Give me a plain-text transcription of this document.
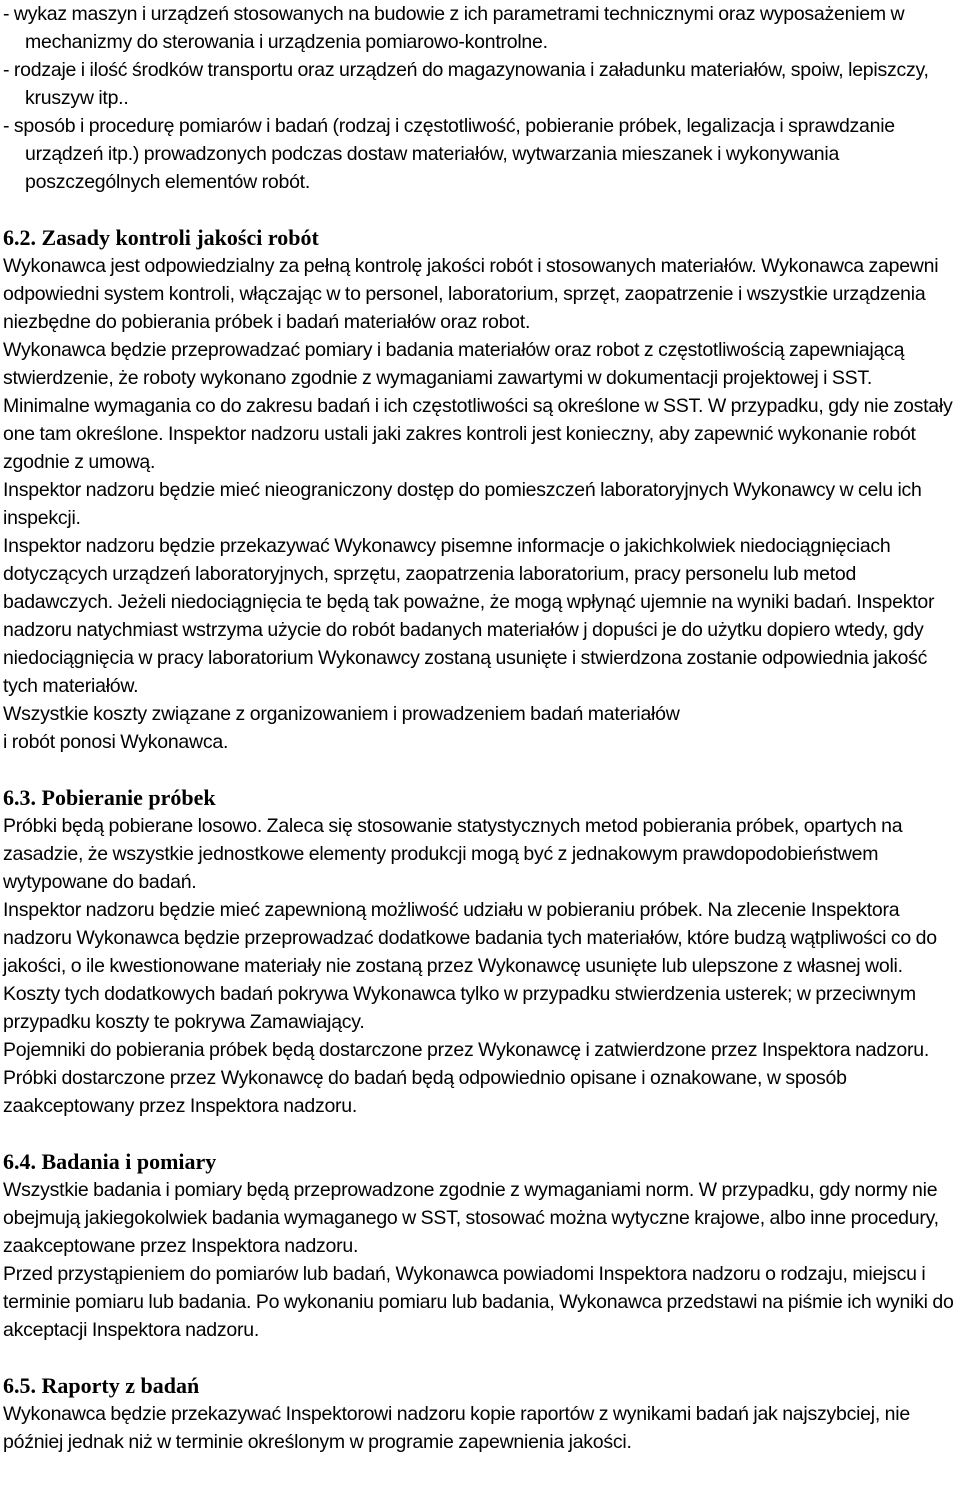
- wykaz maszyn i urządzeń stosowanych na budowie z ich parametrami technicznymi oraz wyposażeniem w mechanizmy do sterowania i urządzenia pomiarowo-kontrolne.

- rodzaje i ilość środków transportu oraz urządzeń do magazynowania i załadunku materiałów, spoiw, lepiszczy, kruszyw itp..

- sposób i procedurę pomiarów i badań (rodzaj i częstotliwość, pobieranie próbek, legalizacja i sprawdzanie urządzeń itp.) prowadzonych podczas dostaw materiałów, wytwarzania mieszanek i wykonywania poszczególnych elementów robót.

6.2. Zasady kontroli jakości robót

Wykonawca jest odpowiedzialny za pełną kontrolę jakości robót i stosowanych materiałów. Wykonawca zapewni odpowiedni system kontroli, włączając w to personel, laboratorium, sprzęt, zaopatrzenie i wszystkie urządzenia niezbędne do pobierania próbek i badań materiałów oraz robot.

Wykonawca będzie przeprowadzać pomiary i badania materiałów oraz robot z częstotliwością zapewniającą stwierdzenie, że roboty wykonano zgodnie z wymaganiami zawartymi w dokumentacji projektowej i SST.

Minimalne wymagania co do zakresu badań i ich częstotliwości są określone w SST. W przypadku, gdy nie zostały one tam określone. Inspektor nadzoru ustali jaki zakres kontroli jest konieczny, aby zapewnić wykonanie robót zgodnie z umową.

Inspektor nadzoru będzie mieć nieograniczony dostęp do pomieszczeń laboratoryjnych Wykonawcy w celu ich inspekcji.

Inspektor nadzoru będzie przekazywać Wykonawcy pisemne informacje o jakichkolwiek niedociągnięciach dotyczących urządzeń laboratoryjnych, sprzętu, zaopatrzenia laboratorium, pracy personelu lub metod badawczych. Jeżeli niedociągnięcia te będą tak poważne, że mogą wpłynąć ujemnie na wyniki badań. Inspektor nadzoru natychmiast wstrzyma użycie do robót badanych materiałów j dopuści je do użytku dopiero wtedy, gdy niedociągnięcia w pracy laboratorium Wykonawcy zostaną usunięte i stwierdzona zostanie odpowiednia jakość tych materiałów.

Wszystkie koszty związane z organizowaniem i prowadzeniem badań materiałów

i robót ponosi Wykonawca.

6.3. Pobieranie próbek

Próbki będą pobierane losowo. Zaleca się stosowanie statystycznych metod pobierania próbek, opartych na zasadzie, że wszystkie jednostkowe elementy produkcji mogą być z jednakowym prawdopodobieństwem wytypowane do badań.

Inspektor nadzoru będzie mieć zapewnioną możliwość udziału w pobieraniu próbek. Na zlecenie Inspektora nadzoru Wykonawca będzie przeprowadzać dodatkowe badania tych materiałów, które budzą wątpliwości co do jakości, o ile kwestionowane materiały nie zostaną przez Wykonawcę usunięte lub ulepszone z własnej woli. Koszty tych dodatkowych badań pokrywa Wykonawca tylko w przypadku stwierdzenia usterek; w przeciwnym przypadku koszty te pokrywa Zamawiający.

Pojemniki do pobierania próbek będą dostarczone przez Wykonawcę i zatwierdzone przez Inspektora nadzoru. Próbki dostarczone przez Wykonawcę do badań będą odpowiednio opisane i oznakowane, w sposób zaakceptowany przez Inspektora nadzoru.

6.4. Badania i pomiary

Wszystkie badania i pomiary będą przeprowadzone zgodnie z wymaganiami norm. W przypadku, gdy normy nie obejmują jakiegokolwiek badania wymaganego w SST, stosować można wytyczne krajowe, albo inne procedury, zaakceptowane przez Inspektora nadzoru.

Przed przystąpieniem do pomiarów lub badań, Wykonawca powiadomi Inspektora nadzoru o rodzaju, miejscu i terminie pomiaru lub badania. Po wykonaniu pomiaru lub badania, Wykonawca przedstawi na piśmie ich wyniki do akceptacji Inspektora nadzoru.

6.5. Raporty z badań

Wykonawca będzie przekazywać Inspektorowi nadzoru kopie raportów z wynikami badań jak najszybciej, nie później jednak niż w terminie określonym w programie zapewnienia jakości.
